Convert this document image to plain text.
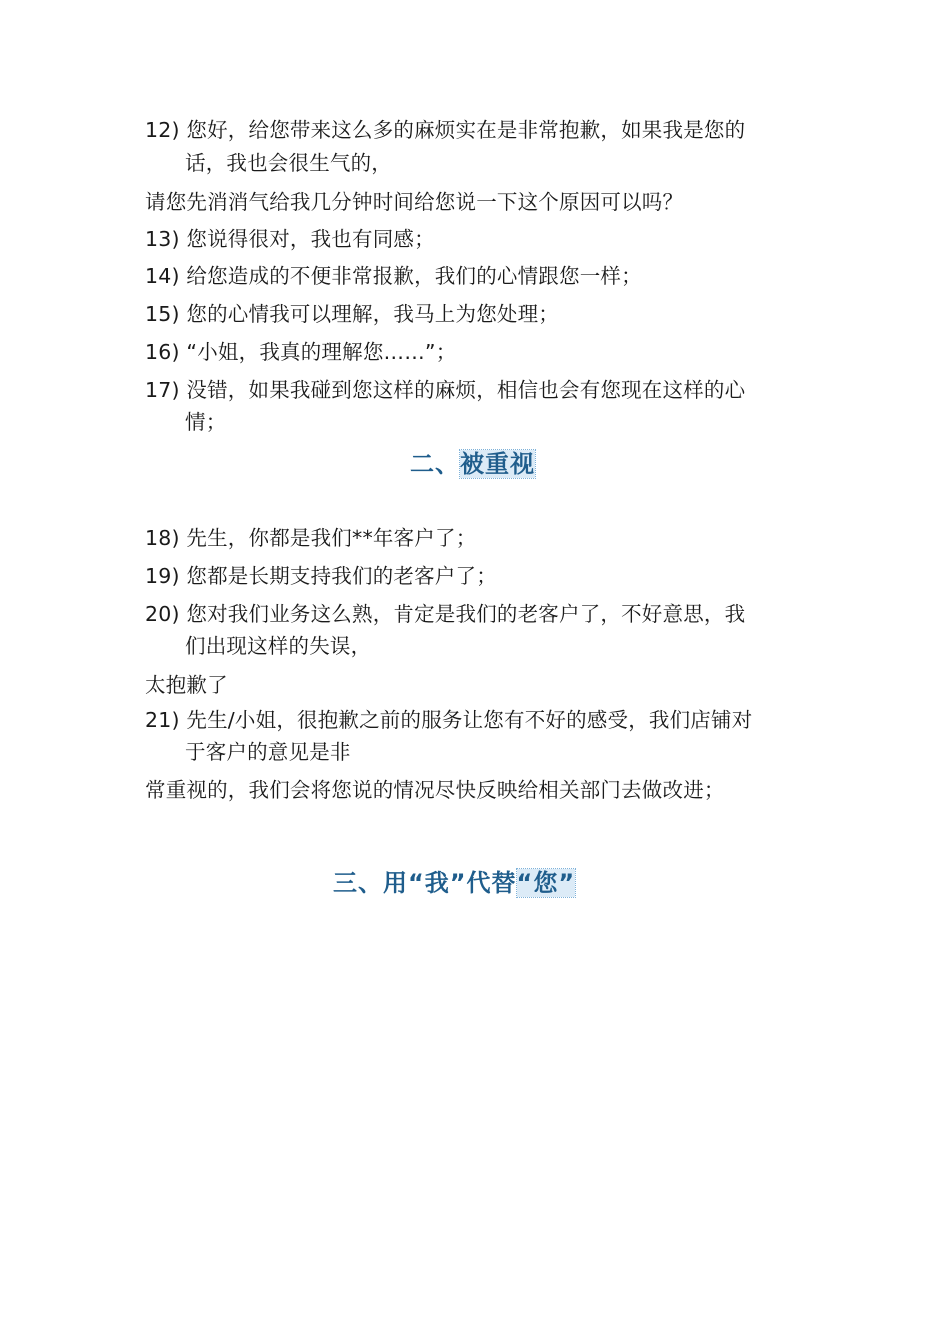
12) 您好，给您带来这么多的麻烦实在是非常抱歉，如果我是您的
话，我也会很生气的，
请您先消消气给我几分钟时间给您说一下这个原因可以吗？
13) 您说得很对，我也有同感；
14) 给您造成的不便非常报歉，我们的心情跟您一样；
15) 您的心情我可以理解，我马上为您处理；
16) “小姐，我真的理解您……”；
17) 没错，如果我碰到您这样的麻烦，相信也会有您现在这样的心
情；
二、被重视
18) 先生，你都是我们**年客户了；
19) 您都是长期支持我们的老客户了；
20) 您对我们业务这么熟，肯定是我们的老客户了，不好意思，我
们出现这样的失误，
太抱歉了
21) 先生/小姐，很抱歉之前的服务让您有不好的感受，我们店铺对
于客户的意见是非
常重视的，我们会将您说的情况尽快反映给相关部门去做改进；
三、用“我”代替“您”
